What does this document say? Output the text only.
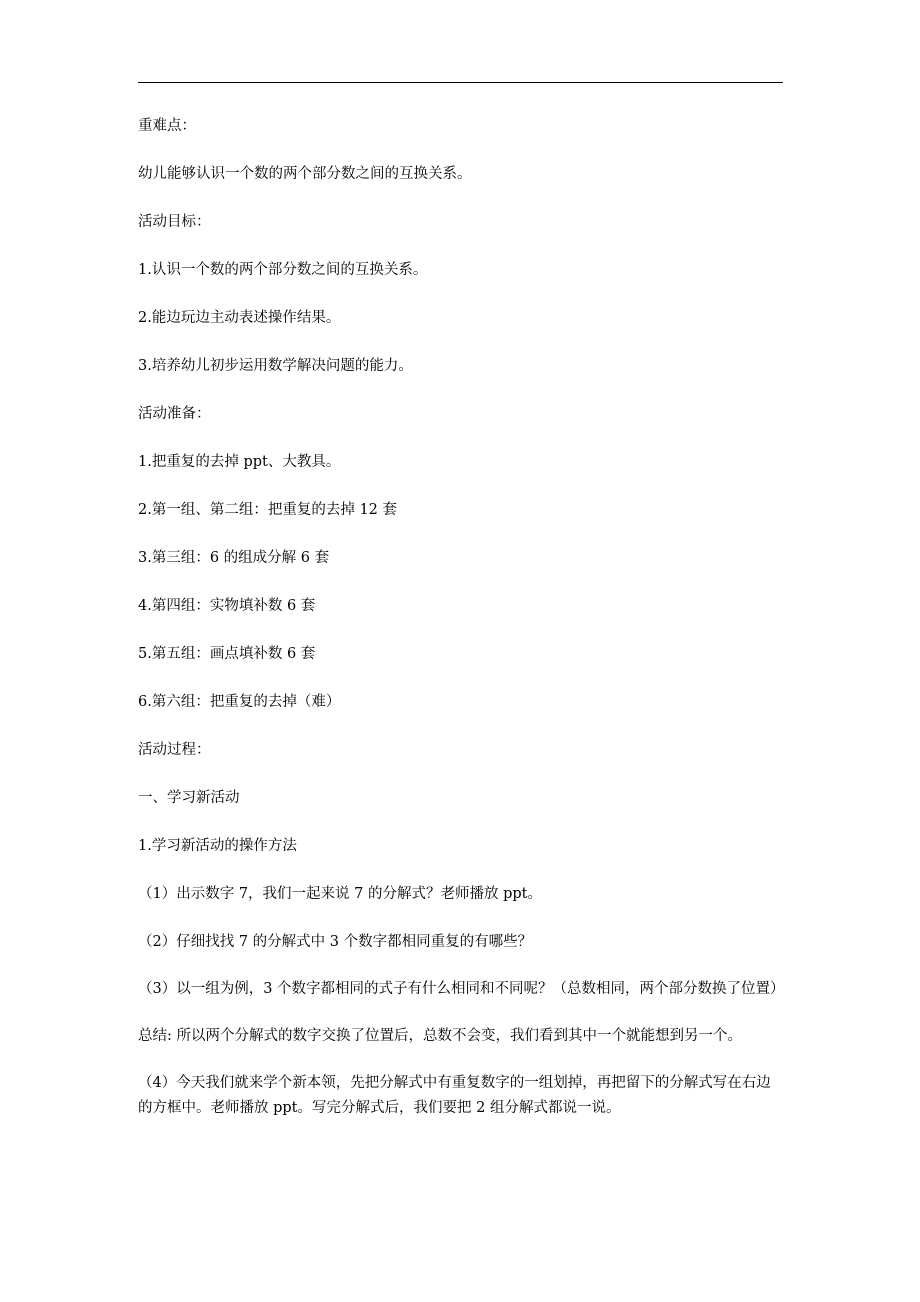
重难点：

幼儿能够认识一个数的两个部分数之间的互换关系。

活动目标：

1.认识一个数的两个部分数之间的互换关系。

2.能边玩边主动表述操作结果。

3.培养幼儿初步运用数学解决问题的能力。

活动准备：

1.把重复的去掉 ppt、大教具。

2.第一组、第二组：把重复的去掉 12 套

3.第三组：6 的组成分解 6 套

4.第四组：实物填补数 6 套

5.第五组：画点填补数 6 套

6.第六组：把重复的去掉（难）

活动过程：

一、学习新活动

1.学习新活动的操作方法

（1）出示数字 7，我们一起来说 7 的分解式？老师播放 ppt。

（2）仔细找找 7 的分解式中 3 个数字都相同重复的有哪些？

（3）以一组为例，3 个数字都相同的式子有什么相同和不同呢？（总数相同，两个部分数换了位置）

总结: 所以两个分解式的数字交换了位置后，总数不会变，我们看到其中一个就能想到另一个。

（4）今天我们就来学个新本领，先把分解式中有重复数字的一组划掉，再把留下的分解式写在右边的方框中。老师播放 ppt。写完分解式后，我们要把 2 组分解式都说一说。
